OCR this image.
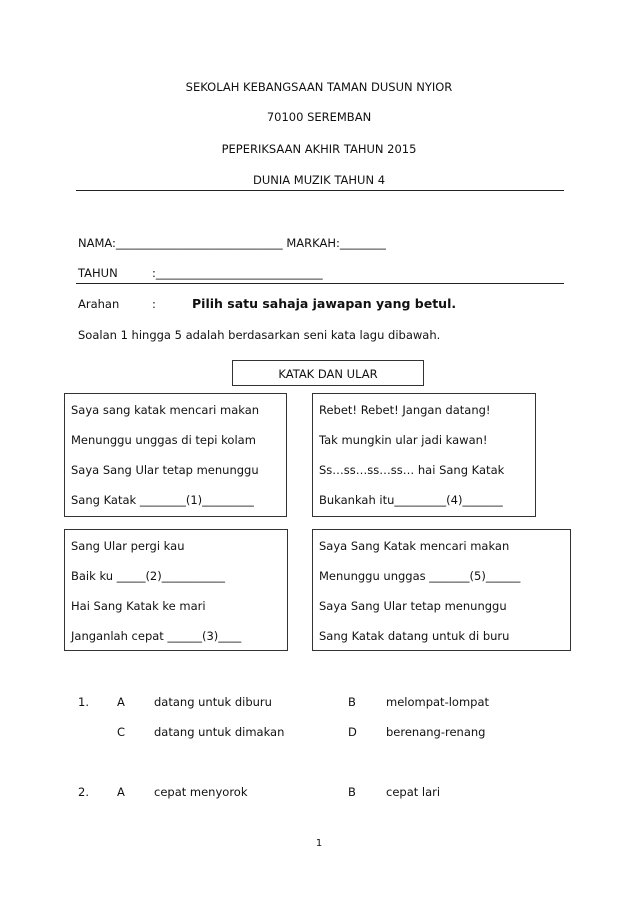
SEKOLAH KEBANGSAAN TAMAN DUSUN NYIOR
70100 SEREMBAN
PEPERIKSAAN AKHIR TAHUN 2015
DUNIA MUZIK TAHUN 4
NAMA:_____________________________ MARKAH:________
TAHUN	:_____________________________
Arahan	:	Pilih satu sahaja jawapan yang betul.
Soalan 1 hingga 5 adalah berdasarkan seni kata lagu dibawah.
KATAK DAN ULAR
Saya sang katak mencari makan
Menunggu unggas di tepi kolam
Saya Sang Ular tetap menunggu
Sang Katak ________(1)_________
Rebet! Rebet! Jangan datang!
Tak mungkin ular jadi kawan!
Ss…ss…ss…ss… hai Sang Katak
Bukankah itu_________(4)_______
Sang Ular pergi kau
Baik ku _____(2)___________
Hai Sang Katak ke mari
Janganlah cepat ______(3)____
Saya Sang Katak mencari makan
Menunggu unggas _______(5)______
Saya Sang Ular tetap menunggu
Sang Katak datang untuk di buru
1. A	datang untuk diburu	B	melompat-lompat
C	datang untuk dimakan	D	berenang-renang
2. A	cepat menyorok	B	cepat lari
1
